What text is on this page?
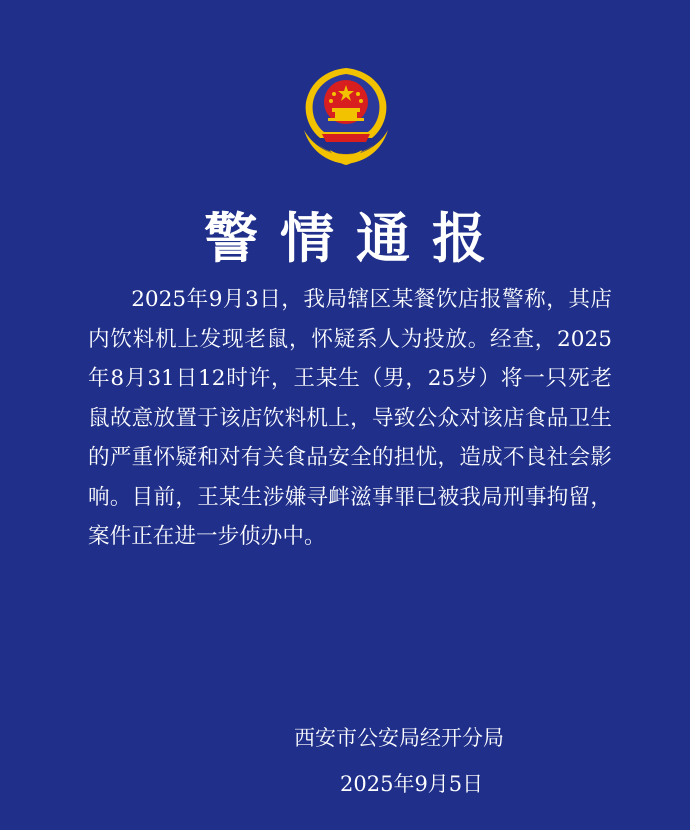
警情通报

2025年9月3日，我局辖区某餐饮店报警称，其店内饮料机上发现老鼠，怀疑系人为投放。经查，2025年8月31日12时许，王某生（男，25岁）将一只死老鼠故意放置于该店饮料机上，导致公众对该店食品卫生的严重怀疑和对有关食品安全的担忧，造成不良社会影响。目前，王某生涉嫌寻衅滋事罪已被我局刑事拘留，案件正在进一步侦办中。

西安市公安局经开分局
2025年9月5日
